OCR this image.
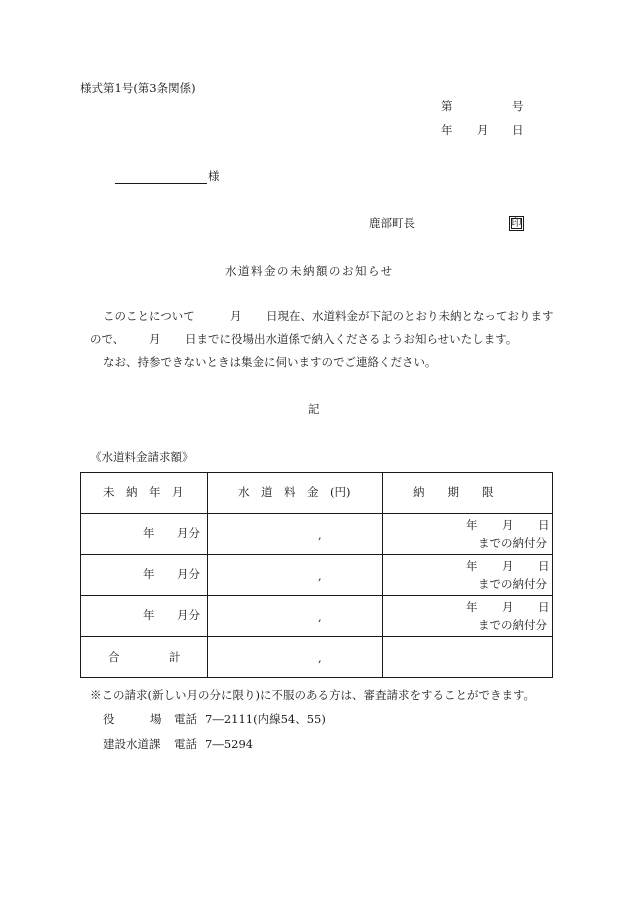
様式第1号(第3条関係)
第	号
年 月 日
様
鹿部町長	印
水道料金の未納額のお知らせ
このことについて	月 日現在、水道料金が下記のとおり未納となっております
ので、 月 日までに役場出水道係で納入くださるようお知らせいたします。
なお、持参できないときは集金に伺いますのでご連絡ください。
記
《水道料金請求額》
未　納　年　月	水　道　料　金　(円)	納　　期　　限

年 月分	,	年 月 日
までの納付分

年 月分	,	年 月 日
までの納付分

年 月分	,	年 月 日
までの納付分

合 計	,	

※この請求(新しい月の分に限り)に不服のある方は、審査請求をすることができます。
役	場 電話 7―2111(内線54、55)
建設水道課 電話 7―5294
